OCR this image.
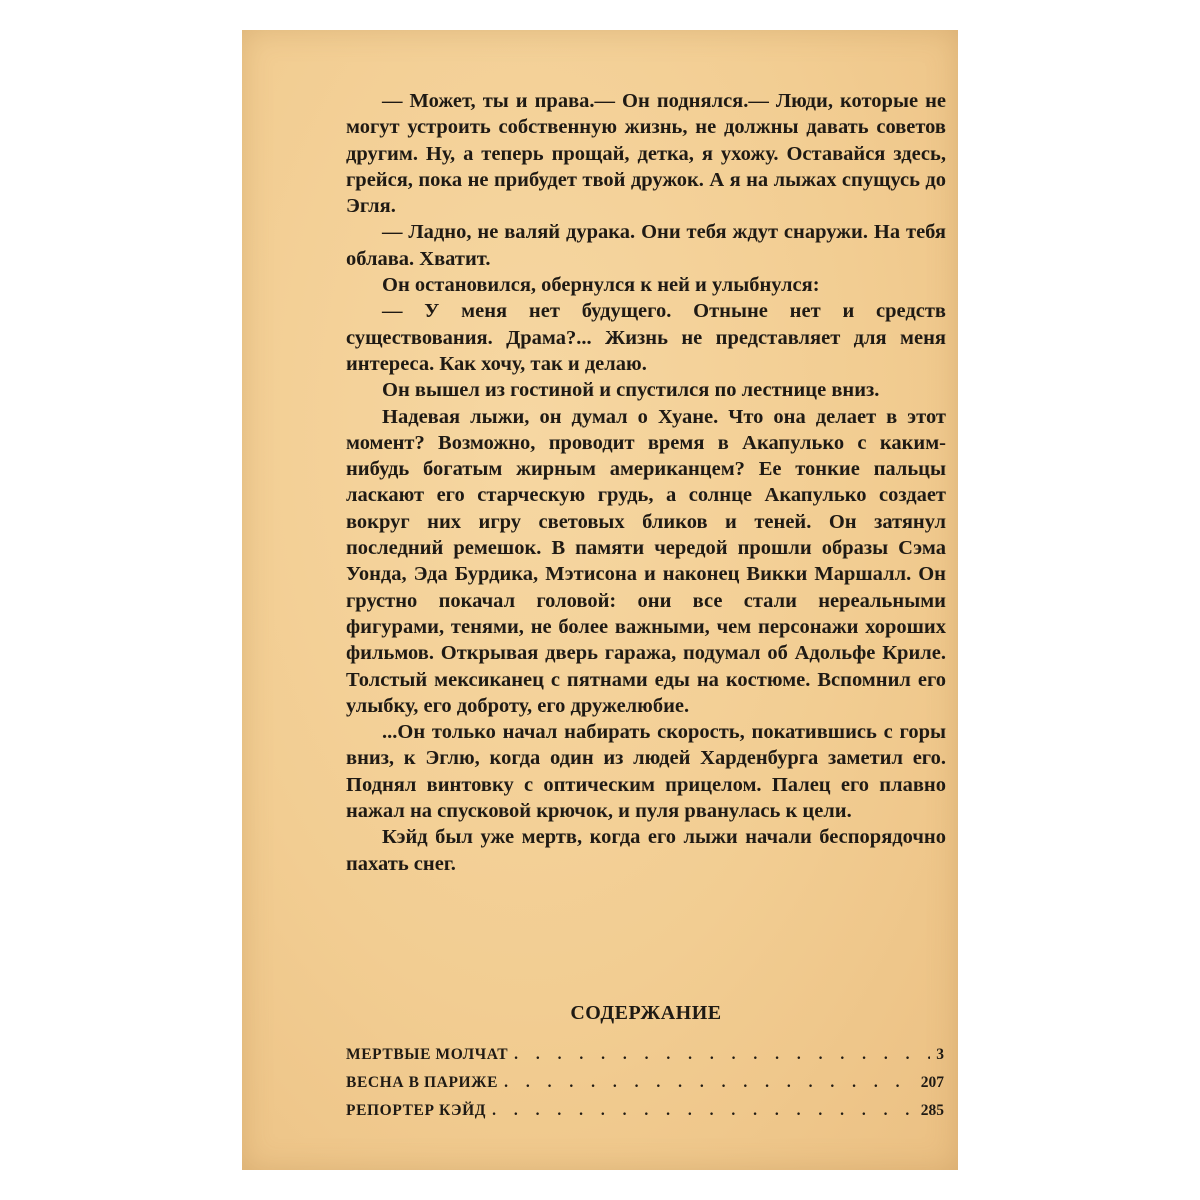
— Может, ты и права.— Он поднялся.— Люди, которые не могут устроить собственную жизнь, не должны давать советов другим. Ну, а теперь прощай, детка, я ухожу. Оставайся здесь, грейся, пока не прибудет твой дружок. А я на лыжах спущусь до Эгля.

— Ладно, не валяй дурака. Они тебя ждут снаружи. На тебя облава. Хватит.

Он остановился, обернулся к ней и улыбнулся:

— У меня нет будущего. Отныне нет и средств существования. Драма?... Жизнь не представляет для меня интереса. Как хочу, так и делаю.

Он вышел из гостиной и спустился по лестнице вниз.

Надевая лыжи, он думал о Хуане. Что она делает в этот момент? Возможно, проводит время в Акапулько с каким-нибудь богатым жирным американцем? Ее тонкие пальцы ласкают его старческую грудь, а солнце Акапулько создает вокруг них игру световых бликов и теней. Он затянул последний ремешок. В памяти чередой прошли образы Сэма Уонда, Эда Бурдика, Мэтисона и наконец Викки Маршалл. Он грустно покачал головой: они все стали нереальными фигурами, тенями, не более важными, чем персонажи хороших фильмов. Открывая дверь гаража, подумал об Адольфе Криле. Толстый мексиканец с пятнами еды на костюме. Вспомнил его улыбку, его доброту, его дружелюбие.

...Он только начал набирать скорость, покатившись с горы вниз, к Эглю, когда один из людей Харденбурга заметил его. Поднял винтовку с оптическим прицелом. Палец его плавно нажал на спусковой крючок, и пуля рванулась к цели.

Кэйд был уже мертв, когда его лыжи начали беспорядочно пахать снег.

СОДЕРЖАНИЕ
МЕРТВЫЕ МОЛЧАТ . . .	3
ВЕСНА В ПАРИЖЕ . . .	207
РЕПОРТЕР КЭЙД . . .	285
